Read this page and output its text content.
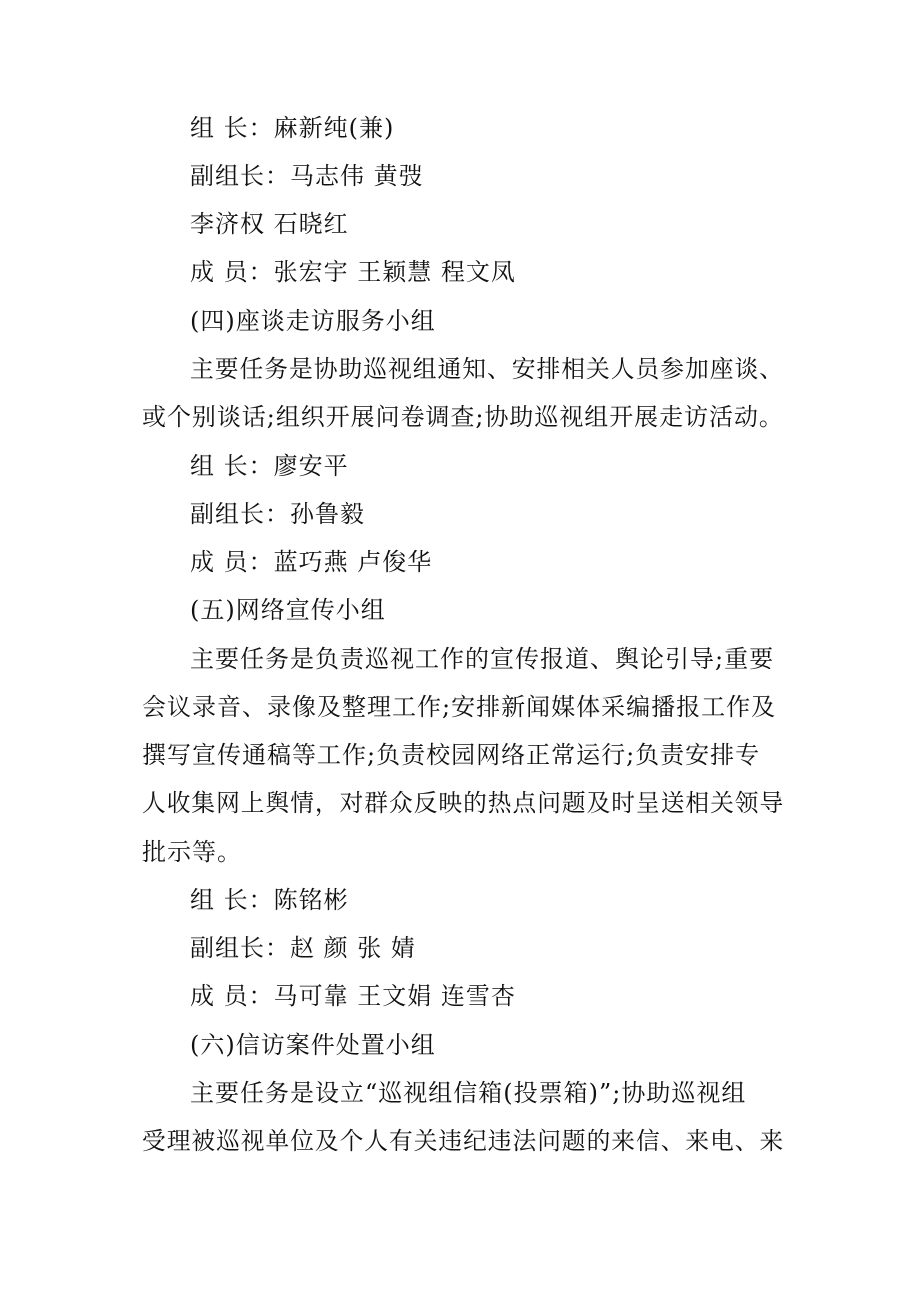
组 长：麻新纯(兼)
副组长：马志伟 黄弢
李济权 石晓红
成 员：张宏宇 王颖慧 程文凤
(四)座谈走访服务小组
主要任务是协助巡视组通知、安排相关人员参加座谈、
或个别谈话;组织开展问卷调查;协助巡视组开展走访活动。
组 长：廖安平
副组长：孙鲁毅
成 员：蓝巧燕 卢俊华
(五)网络宣传小组
主要任务是负责巡视工作的宣传报道、舆论引导;重要
会议录音、录像及整理工作;安排新闻媒体采编播报工作及
撰写宣传通稿等工作;负责校园网络正常运行;负责安排专
人收集网上舆情，对群众反映的热点问题及时呈送相关领导
批示等。
组 长：陈铭彬
副组长：赵 颜 张 婧
成 员：马可靠 王文娟 连雪杏
(六)信访案件处置小组
主要任务是设立“巡视组信箱(投票箱)”;协助巡视组
受理被巡视单位及个人有关违纪违法问题的来信、来电、来
